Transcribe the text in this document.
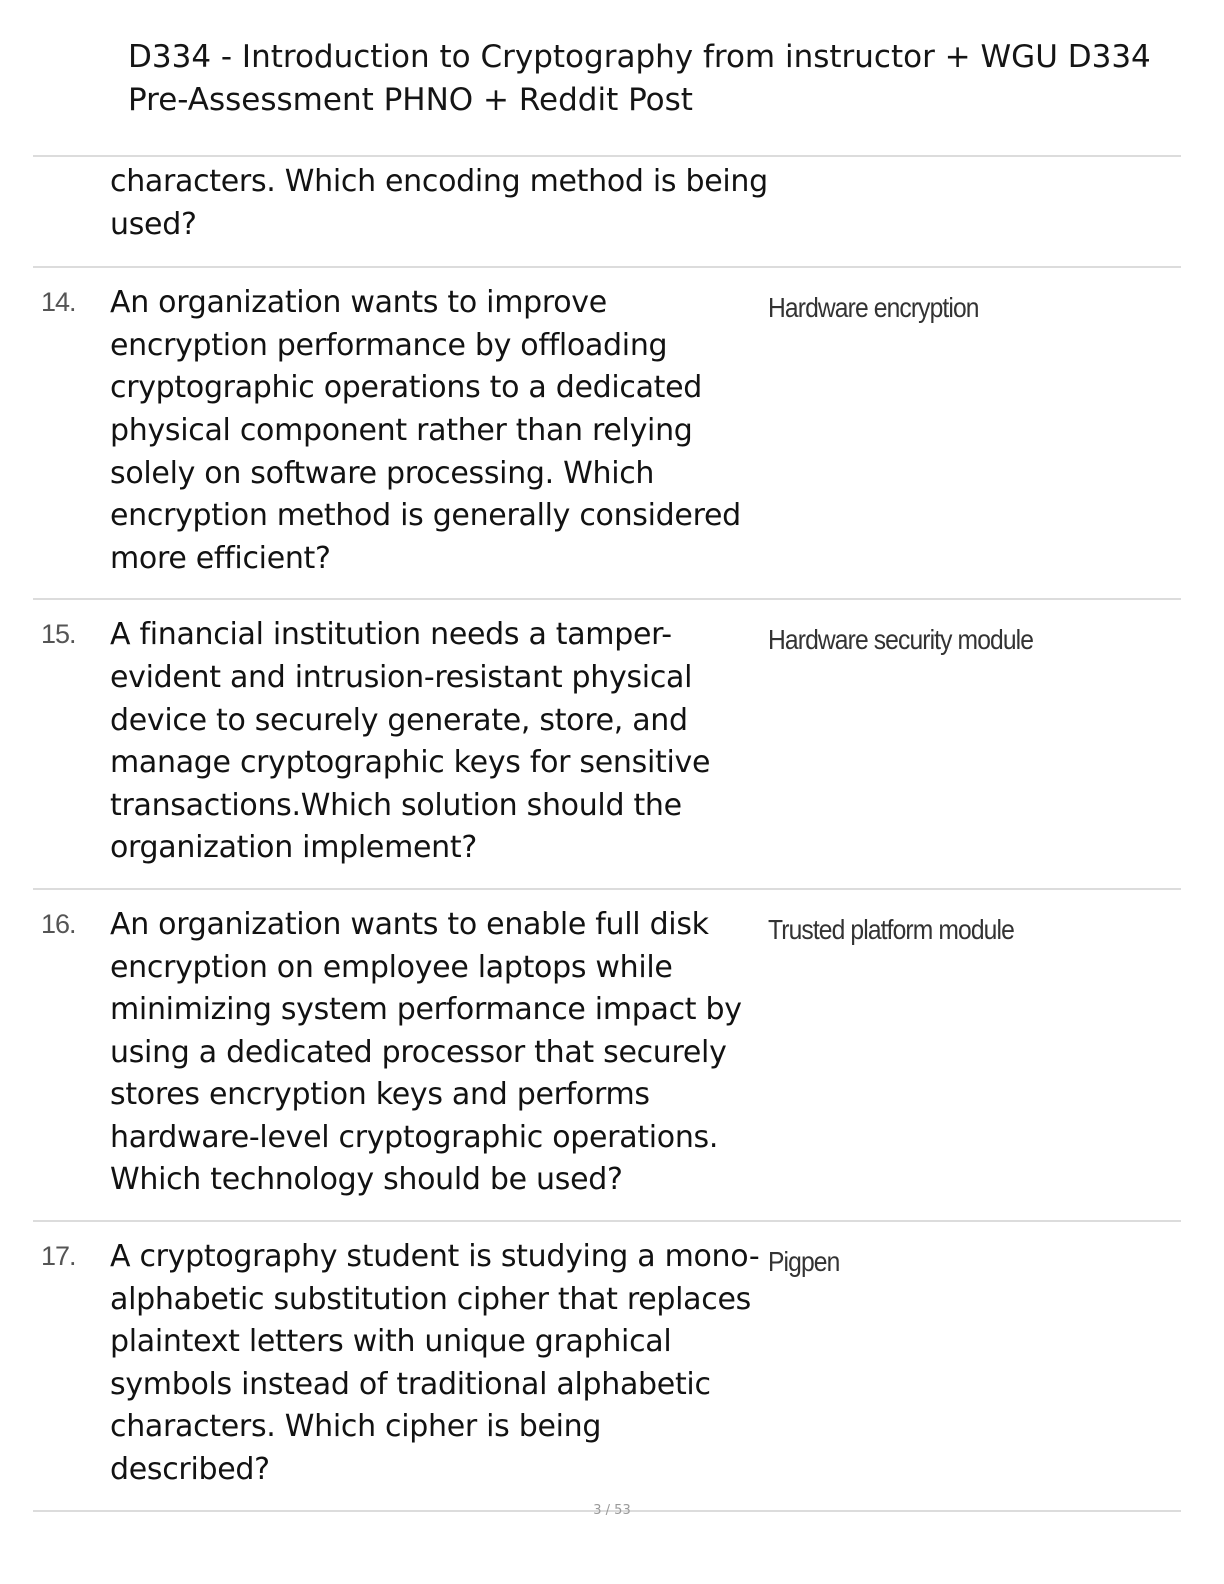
D334 - Introduction to Cryptography from instructor + WGU D334 Pre-Assessment PHNO + Reddit Post
characters. Which encoding method is being used?
14. An organization wants to improve encryption performance by offloading cryptographic operations to a dedicated physical component rather than relying solely on software processing. Which encryption method is generally considered more efficient?
Hardware encryption
15. A financial institution needs a tamper-evident and intrusion-resistant physical device to securely generate, store, and manage cryptographic keys for sensitive transactions.Which solution should the organization implement?
Hardware security module
16. An organization wants to enable full disk encryption on employee laptops while minimizing system performance impact by using a dedicated processor that securely stores encryption keys and performs hardware-level cryptographic operations. Which technology should be used?
Trusted platform module
17. A cryptography student is studying a mono-alphabetic substitution cipher that replaces plaintext letters with unique graphical symbols instead of traditional alphabetic characters. Which cipher is being described?
Pigpen
3 / 53
